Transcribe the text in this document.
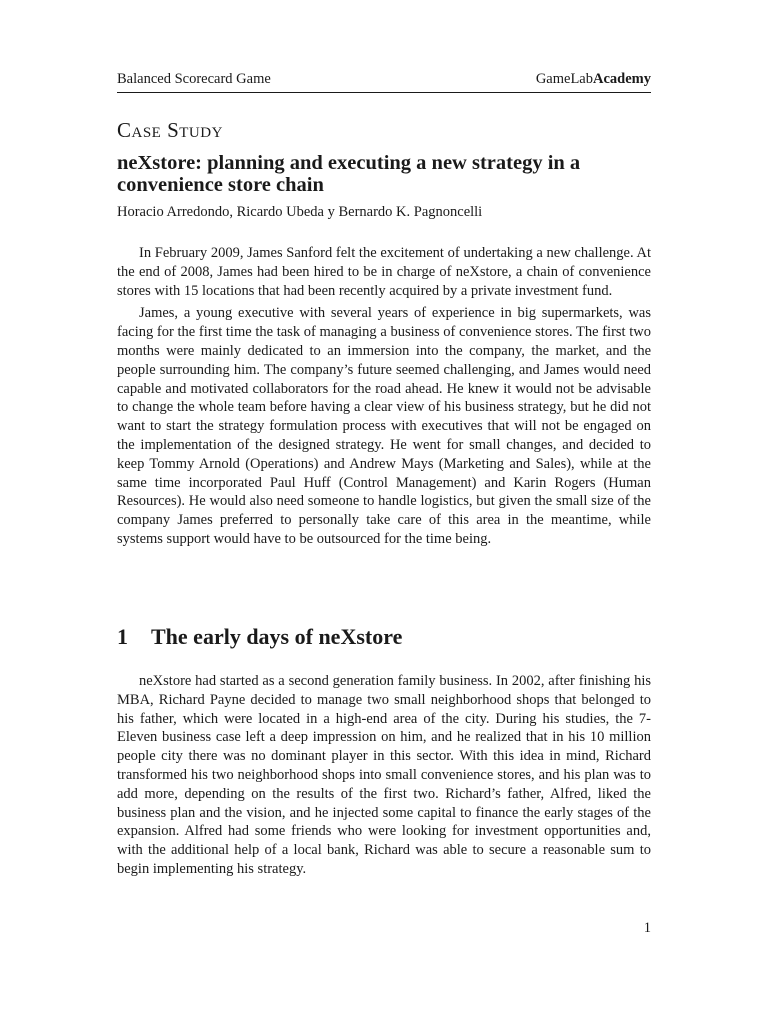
Balanced Scorecard Game	GameLabAcademy
Case Study
neXstore: planning and executing a new strategy in a convenience store chain
Horacio Arredondo, Ricardo Ubeda y Bernardo K. Pagnoncelli

In February 2009, James Sanford felt the excitement of undertaking a new challenge. At the end of 2008, James had been hired to be in charge of neXstore, a chain of convenience stores with 15 locations that had been recently acquired by a private investment fund.

James, a young executive with several years of experience in big supermarkets, was facing for the first time the task of managing a business of convenience stores. The first two months were mainly dedicated to an immersion into the company, the market, and the people surrounding him. The company’s future seemed challenging, and James would need capable and motivated collaborators for the road ahead. He knew it would not be advisable to change the whole team before having a clear view of his business strategy, but he did not want to start the strategy formulation process with executives that will not be engaged on the implementation of the designed strategy. He went for small changes, and decided to keep Tommy Arnold (Operations) and Andrew Mays (Marketing and Sales), while at the same time incorporated Paul Huff (Control Management) and Karin Rogers (Human Resources). He would also need someone to handle logistics, but given the small size of the company James preferred to personally take care of this area in the meantime, while systems support would have to be outsourced for the time being.

1 The early days of neXstore

neXstore had started as a second generation family business. In 2002, after finishing his MBA, Richard Payne decided to manage two small neighborhood shops that belonged to his father, which were located in a high-end area of the city. During his studies, the 7-Eleven business case left a deep impression on him, and he realized that in his 10 million people city there was no dominant player in this sector. With this idea in mind, Richard transformed his two neighborhood shops into small convenience stores, and his plan was to add more, depending on the results of the first two. Richard’s father, Alfred, liked the business plan and the vision, and he injected some capital to finance the early stages of the expansion. Alfred had some friends who were looking for investment opportunities and, with the additional help of a local bank, Richard was able to secure a reasonable sum to begin implementing his strategy.

1
